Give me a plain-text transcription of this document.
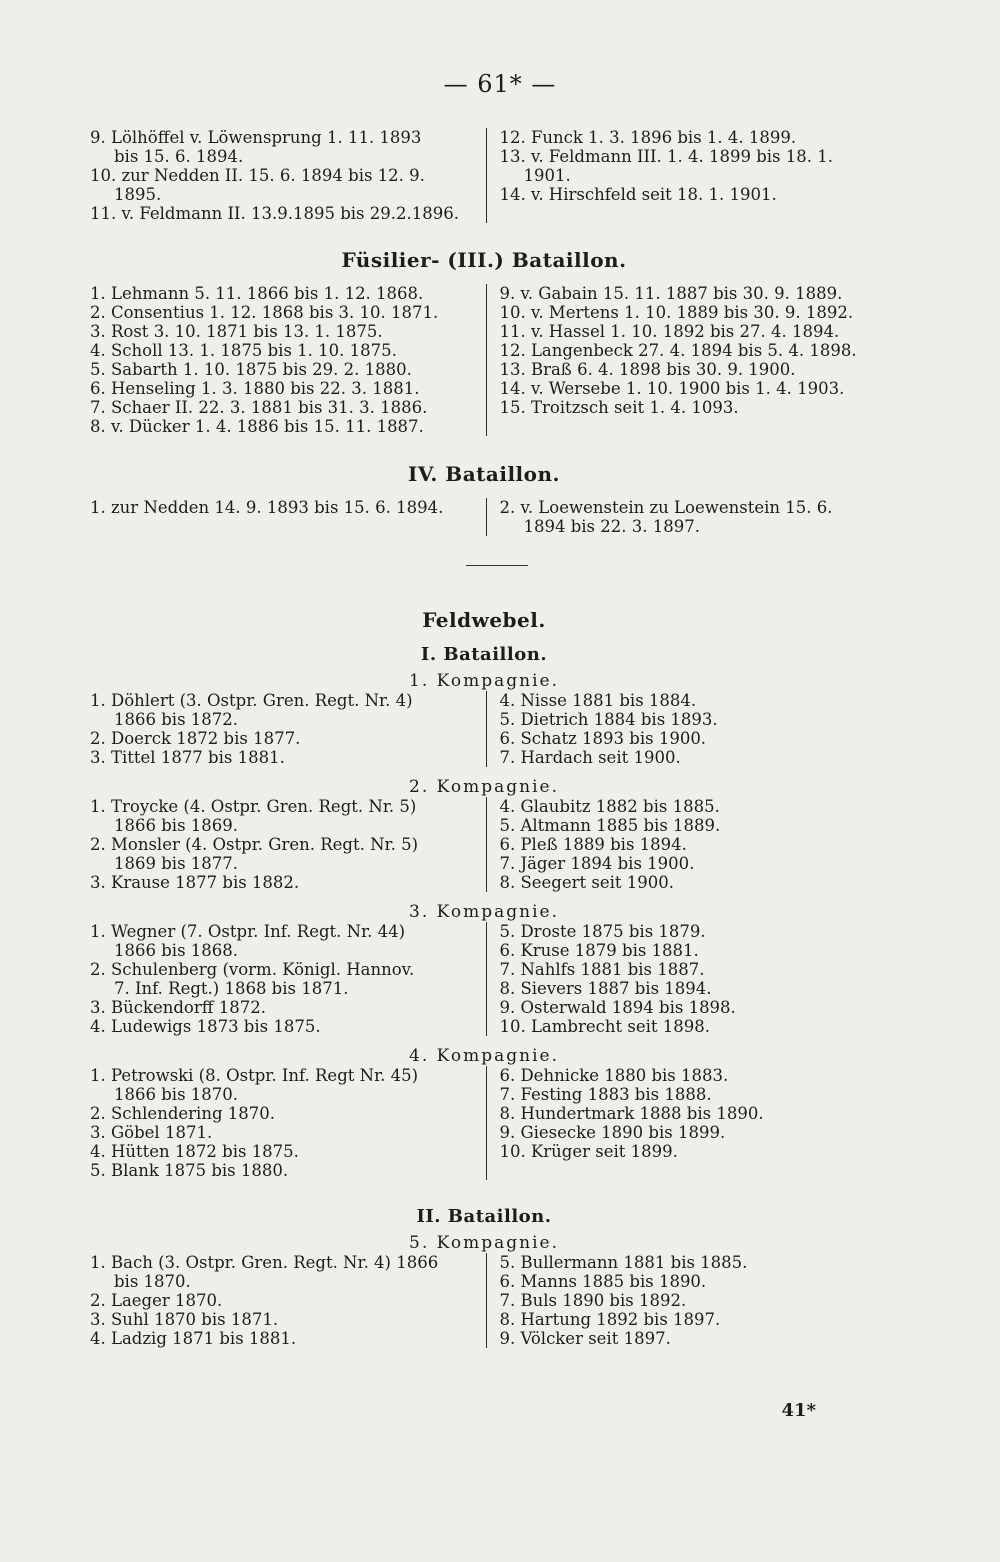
— 61* —
9. Lölhöffel v. Löwensprung 1. 11. 1893
bis 15. 6. 1894.
10. zur Nedden II. 15. 6. 1894 bis 12. 9.
1895.
11. v. Feldmann II. 13.9.1895 bis 29.2.1896.
12. Funck 1. 3. 1896 bis 1. 4. 1899.
13. v. Feldmann III. 1. 4. 1899 bis 18. 1.
1901.
14. v. Hirschfeld seit 18. 1. 1901.
Füsilier- (III.) Bataillon.
1. Lehmann 5. 11. 1866 bis 1. 12. 1868.
2. Consentius 1. 12. 1868 bis 3. 10. 1871.
3. Rost 3. 10. 1871 bis 13. 1. 1875.
4. Scholl 13. 1. 1875 bis 1. 10. 1875.
5. Sabarth 1. 10. 1875 bis 29. 2. 1880.
6. Henseling 1. 3. 1880 bis 22. 3. 1881.
7. Schaer II. 22. 3. 1881 bis 31. 3. 1886.
8. v. Dücker 1. 4. 1886 bis 15. 11. 1887.
9. v. Gabain 15. 11. 1887 bis 30. 9. 1889.
10. v. Mertens 1. 10. 1889 bis 30. 9. 1892.
11. v. Hassel 1. 10. 1892 bis 27. 4. 1894.
12. Langenbeck 27. 4. 1894 bis 5. 4. 1898.
13. Braß 6. 4. 1898 bis 30. 9. 1900.
14. v. Wersebe 1. 10. 1900 bis 1. 4. 1903.
15. Troitzsch seit 1. 4. 1093.
IV. Bataillon.
1. zur Nedden 14. 9. 1893 bis 15. 6. 1894.	2. v. Loewenstein zu Loewenstein 15. 6.
1894 bis 22. 3. 1897.
Feldwebel.
I. Bataillon.
1. Kompagnie.
1. Döhlert (3. Ostpr. Gren. Regt. Nr. 4)
1866 bis 1872.
2. Doerck 1872 bis 1877.
3. Tittel 1877 bis 1881.
4. Nisse 1881 bis 1884.
5. Dietrich 1884 bis 1893.
6. Schatz 1893 bis 1900.
7. Hardach seit 1900.
2. Kompagnie.
1. Troycke (4. Ostpr. Gren. Regt. Nr. 5)
1866 bis 1869.
2. Monsler (4. Ostpr. Gren. Regt. Nr. 5)
1869 bis 1877.
3. Krause 1877 bis 1882.
4. Glaubitz 1882 bis 1885.
5. Altmann 1885 bis 1889.
6. Pleß 1889 bis 1894.
7. Jäger 1894 bis 1900.
8. Seegert seit 1900.
3. Kompagnie.
1. Wegner (7. Ostpr. Inf. Regt. Nr. 44)
1866 bis 1868.
2. Schulenberg (vorm. Königl. Hannov.
7. Inf. Regt.) 1868 bis 1871.
3. Bückendorff 1872.
4. Ludewigs 1873 bis 1875.
5. Droste 1875 bis 1879.
6. Kruse 1879 bis 1881.
7. Nahlfs 1881 bis 1887.
8. Sievers 1887 bis 1894.
9. Osterwald 1894 bis 1898.
10. Lambrecht seit 1898.
4. Kompagnie.
1. Petrowski (8. Ostpr. Inf. Regt Nr. 45)
1866 bis 1870.
2. Schlendering 1870.
3. Göbel 1871.
4. Hütten 1872 bis 1875.
5. Blank 1875 bis 1880.
6. Dehnicke 1880 bis 1883.
7. Festing 1883 bis 1888.
8. Hundertmark 1888 bis 1890.
9. Giesecke 1890 bis 1899.
10. Krüger seit 1899.
II. Bataillon.
5. Kompagnie.
1. Bach (3. Ostpr. Gren. Regt. Nr. 4) 1866
bis 1870.
2. Laeger 1870.
3. Suhl 1870 bis 1871.
4. Ladzig 1871 bis 1881.
5. Bullermann 1881 bis 1885.
6. Manns 1885 bis 1890.
7. Buls 1890 bis 1892.
8. Hartung 1892 bis 1897.
9. Völcker seit 1897.
41*
